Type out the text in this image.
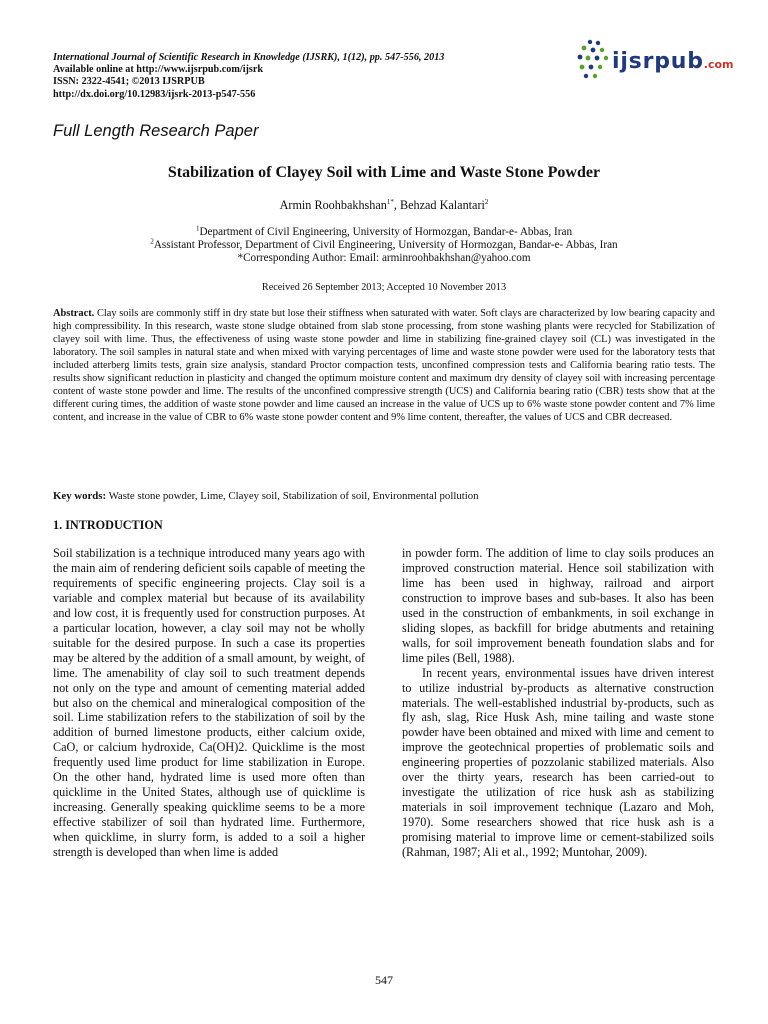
International Journal of Scientific Research in Knowledge (IJSRK), 1(12), pp. 547-556, 2013
Available online at http://www.ijsrpub.com/ijsrk
ISSN: 2322-4541; ©2013 IJSRPUB
http://dx.doi.org/10.12983/ijsrk-2013-p547-556
ijsrpub.com
Full Length Research Paper
Stabilization of Clayey Soil with Lime and Waste Stone Powder
Armin Roohbakhshan$^{1*}$, Behzad Kalantari$^2$
$^1$Department of Civil Engineering, University of Hormozgan, Bandar-e- Abbas, Iran
$^2$Assistant Professor, Department of Civil Engineering, University of Hormozgan, Bandar-e- Abbas, Iran
*Corresponding Author: Email: arminroohbakhshan@yahoo.com
Received 26 September 2013; Accepted 10 November 2013

Abstract. Clay soils are commonly stiff in dry state but lose their stiffness when saturated with water. Soft clays are characterized by low bearing capacity and high compressibility. In this research, waste stone sludge obtained from slab stone processing, from stone washing plants were recycled for Stabilization of clayey soil with lime. Thus, the effectiveness of using waste stone powder and lime in stabilizing fine-grained clayey soil (CL) was investigated in the laboratory. The soil samples in natural state and when mixed with varying percentages of lime and waste stone powder were used for the laboratory tests that included atterberg limits tests, grain size analysis, standard Proctor compaction tests, unconfined compression tests and California bearing ratio tests. The results show significant reduction in plasticity and changed the optimum moisture content and maximum dry density of clayey soil with increasing percentage content of waste stone powder and lime. The results of the unconfined compressive strength (UCS) and California bearing ratio (CBR) tests show that at the different curing times, the addition of waste stone powder and lime caused an increase in the value of UCS up to 6% waste stone powder content and 7% lime content, and increase in the value of CBR to 6% waste stone powder content and 9% lime content, thereafter, the values of UCS and CBR decreased.

Key words: Waste stone powder, Lime, Clayey soil, Stabilization of soil, Environmental pollution

1. INTRODUCTION

Soil stabilization is a technique introduced many years ago with the main aim of rendering deficient soils capable of meeting the requirements of specific engineering projects. Clay soil is a variable and complex material but because of its availability and low cost, it is frequently used for construction purposes. At a particular location, however, a clay soil may not be wholly suitable for the desired purpose. In such a case its properties may be altered by the addition of a small amount, by weight, of lime. The amenability of clay soil to such treatment depends not only on the type and amount of cementing material added but also on the chemical and mineralogical composition of the soil. Lime stabilization refers to the stabilization of soil by the addition of burned limestone products, either calcium oxide, CaO, or calcium hydroxide, Ca(OH)2. Quicklime is the most frequently used lime product for lime stabilization in Europe. On the other hand, hydrated lime is used more often than quicklime in the United States, although use of quicklime is increasing. Generally speaking quicklime seems to be a more effective stabilizer of soil than hydrated lime. Furthermore, when quicklime, in slurry form, is added to a soil a higher strength is developed than when lime is added

in powder form. The addition of lime to clay soils produces an improved construction material. Hence soil stabilization with lime has been used in highway, railroad and airport construction to improve bases and sub-bases. It also has been used in the construction of embankments, in soil exchange in sliding slopes, as backfill for bridge abutments and retaining walls, for soil improvement beneath foundation slabs and for lime piles (Bell, 1988).

In recent years, environmental issues have driven interest to utilize industrial by-products as alternative construction materials. The well-established industrial by-products, such as fly ash, slag, Rice Husk Ash, mine tailing and waste stone powder have been obtained and mixed with lime and cement to improve the geotechnical properties of problematic soils and engineering properties of pozzolanic stabilized materials. Also over the thirty years, research has been carried-out to investigate the utilization of rice husk ash as stabilizing materials in soil improvement technique (Lazaro and Moh, 1970). Some researchers showed that rice husk ash is a promising material to improve lime or cement-stabilized soils (Rahman, 1987; Ali et al., 1992; Muntohar, 2009).

547
